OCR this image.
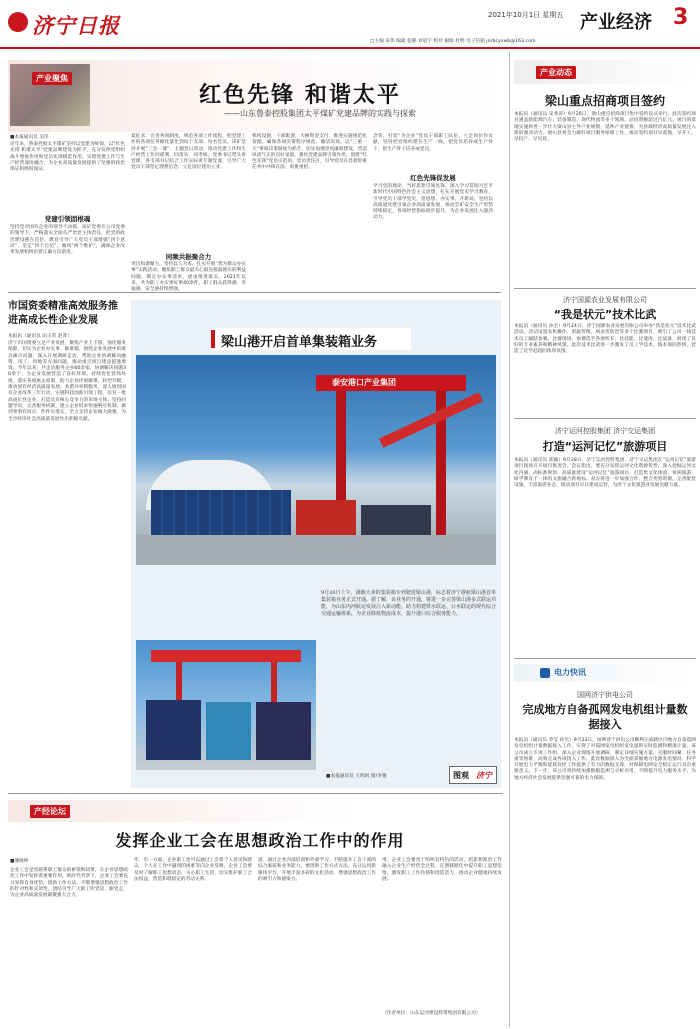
济宁日报	2021年10月1日 星期五 产业经济 3
□主编 朱伟 编辑 张静 刘思宇 校对 谢娟 杜明 电子信箱 jnrbcyxwb@163.com
产业聚焦
红色先锋 和谐太平
——山东鲁泰控股集团太平煤矿党建品牌的实践与探索
■本报通讯员 吴萍
近年来，鲁泰控股太平煤矿坚持以党建为统领，以“红色先锋 和谐太平”党建品牌建设为抓手，充分发挥党组织战斗堡垒作用和党员先锋模范作用，实现党建工作与生产经营深度融合，为企业高质量发展提供了坚强的政治保证和组织保证。
党建引领固根魂
坚持党对国有企业的领导不动摇，该矿党委在公司党委的领导下，严格落实全面从严治党主体责任，把党的政治建设摆在首位，教育引导广大党员干部增强“四个意识”、坚定“四个自信”、做到“两个维护”，确保企业改革发展始终沿着正确方向前进。
夏征求、完善各项制度，规范各项工作流程，把党建工作的各项任务细化量化到每个支部、每名党员。该矿坚持开展“三会一课”、主题党日活动，推动党建工作和生产经营工作同部署、同落实、同考核。党委书记带头讲党课，各支部书记结合工作实际讲专题党课，引导广大党员干部坚定理想信念，立足岗位建功立业。
同频共振聚合力
突出和谐聚力，坚持以人为本，扎实开展“我为群众办实事”实践活动。聚焦职工群众最关心最直接最现实的利益问题，制定办实事清单，逐项推进落实。2021年以来，共为职工办实事好事40余件，职工群众获得感、幸福感、安全感持续增强。
机构设置，干部配置，大额资金支付，推进实施规范化管理，确保各项决策程序规范、廉洁高效。以“三重一大”事项决策制度为抓手，切实加强党风廉政建设，营造风清气正的良好氛围。强化党建品牌引领作用，创建“红色先锋”党员示范岗、党员责任区，引导党员在急难险重任务中冲锋在前、勇挑重担。
念管，打造“为企业”党员干部职工队伍，立足岗位作贡献，坚持把党组织建在生产一线，把党员培养成生产骨干，把生产骨干培养成党员。
红色先锋促发展
学习党的理论，当好思想引领先锋。深入学习贯彻习近平新时代中国特色社会主义思想，扎实开展党史学习教育，引导党员干部学党史、悟思想、办实事、开新局。坚持以高质量党建引领企业高质量发展，推动全矿安全生产形势持续稳定，各项经营指标稳步提升，为企业发展注入强劲动力。
市国资委精准高效服务推进高成长性企业发展
本报讯（通讯员 田玉荣 赵菁）
济宁市国资委立足产业发展，聚焦产业上下游，强化服务保障，切实为企业办实事、解难题。围绕企业发展中的难点痛点问题，深入开展调研走访，帮助企业协调解决融资、用工、用地等方面问题，推动重点项目建设提速增效。今年以来，共走访服务企业60余家，协调解决问题30余个，为企业发展营造了良好环境。持续优化营商环境，落实各项惠企政策，助力企业纾困解难、转型升级，推动国有经济高质量发展。多措并举抓服务，深入推进国有企业改革三年行动，实施科技创新引领工程，培育一批高成长性企业，打造具有核心竞争力的市场主体。坚持问题导向，完善服务机制，建立企业诉求快速响应机制，做到事事有回应、件件有落实，全力支持企业做大做强，为全市经济社会高质量发展作出积极贡献。
梁山港开启首单集装箱业务
泰安港口产业集团
9月26日上午，满载大米的集装箱专列驶进梁山港，标志着济宁港航梁山港首单集装箱业务正式开通。据了解，该业务的开通，将进一步完善梁山港多式联运功能，为山东内河航运发展注入新动能，助力构建铁水联运、公水联运的现代综合交通运输体系，为企业降低物流成本，提升港口综合服务能力。
■本报通讯员 王明珂 图/李强	图观 济宁
产业动态
梁山重点招商项目签约
本报讯（通讯员 宋秀涛）9月26日，梁山重点招商项目集中签约仪式举行。此次签约项目涵盖新能源汽车、装备制造、现代物流等多个领域，总投资额超过百亿元。项目的落地实施将进一步壮大梁山县主导产业规模，延伸产业链条，为县域经济高质量发展注入新的强劲动力。梁山县将全力做好项目服务保障工作，推动签约项目早落地、早开工、早投产、早见效。
济宁国源农业发展有限公司
“我是状元”技术比武
本报讯（通讯员 孙宏）9月24日，济宁国源农业发展有限公司举办“我是状元”技术比武活动。活动设置农机操作、果蔬管理、病虫害防治等多个比赛项目，吸引了公司一线技术员工踊跃参赛。比赛现场，参赛选手各展所长，比技能、比速度、比质量，展现了良好的专业素养和精神风貌。此次技术比武进一步激发了员工学技术、练本领的热情，营造了比学赶超的浓厚氛围。
济宁运河控股集团 济宁交运集团
打造“运河记忆”旅游项目
本报讯（通讯员 郭颖）9月28日，济宁运河控股集团、济宁交运集团在“运河记忆”旅游项目现场召开项目推进会。会议指出，要充分发挥运河文化资源优势，深入挖掘运河文化内涵，高标准规划、高质量建设“运河记忆”旅游项目，打造集文化体验、休闲旅游、研学教育于一体的文旅融合新地标。双方将进一步加强合作，整合优势资源，完善配套设施，丰富旅游业态，推动项目早日建成运营，为济宁文化旅游业发展贡献力量。
电力快讯
国网济宁供电公司
完成地方自备孤网发电机组计量数据接入
本报讯（通讯员 李莹 孙光）9月23日，国网济宁供电公司顺利完成辖区内地方自备孤网发电机组计量数据接入工作，实现了对孤网发电机组发电量的实时监测和精准计量。该公司成立专项工作组，深入企业现场开展调研，制定详细实施方案，克服时间紧、任务重等困难，高效完成各项接入工作。此次数据接入为全面掌握地方电源发电情况、科学开展电力平衡和能耗双控工作提供了有力的数据支撑，对保障电网安全稳定运行具有重要意义。下一步，该公司将持续加强数据监测与分析应用，不断提升电力服务水平，为地方经济社会发展提供坚强可靠的电力保障。
产经论坛
发挥企业工会在思想政治工作中的作用
■潘晓婷
企业工会是党联系职工群众的桥梁和纽带，在企业思想政治工作中发挥着重要作用。新时代背景下，企业工会要充分发挥自身优势，创新工作方法，不断增强思想政治工作的针对性和实效性，团结引导广大职工听党话、跟党走，为企业高质量发展凝聚强大合力。
作，有一方面，企业职工也可以通过工会将个人意见和建议，个人在工作中遇到的困难等向企业反映，企业工会要及时了解职工思想动态，关心职工生活，切实维护职工合法权益，营造和谐稳定的劳动关系。
道，通过企业内部培训和外部学习，不断提升工会干部的综合素质和业务能力。要创新工作方式方法，充分运用新媒体平台，开展丰富多彩的文化活动，增强思想政治工作的吸引力和感染力。
用，企业工会要善于组织有特色的活动，把思想政治工作融入企业生产经营全过程，在潜移默化中提升职工思想觉悟，激发职工工作热情和创造活力，推动企业健康持续发展。
（作者单位：山东运河建设投资集团有限公司）
